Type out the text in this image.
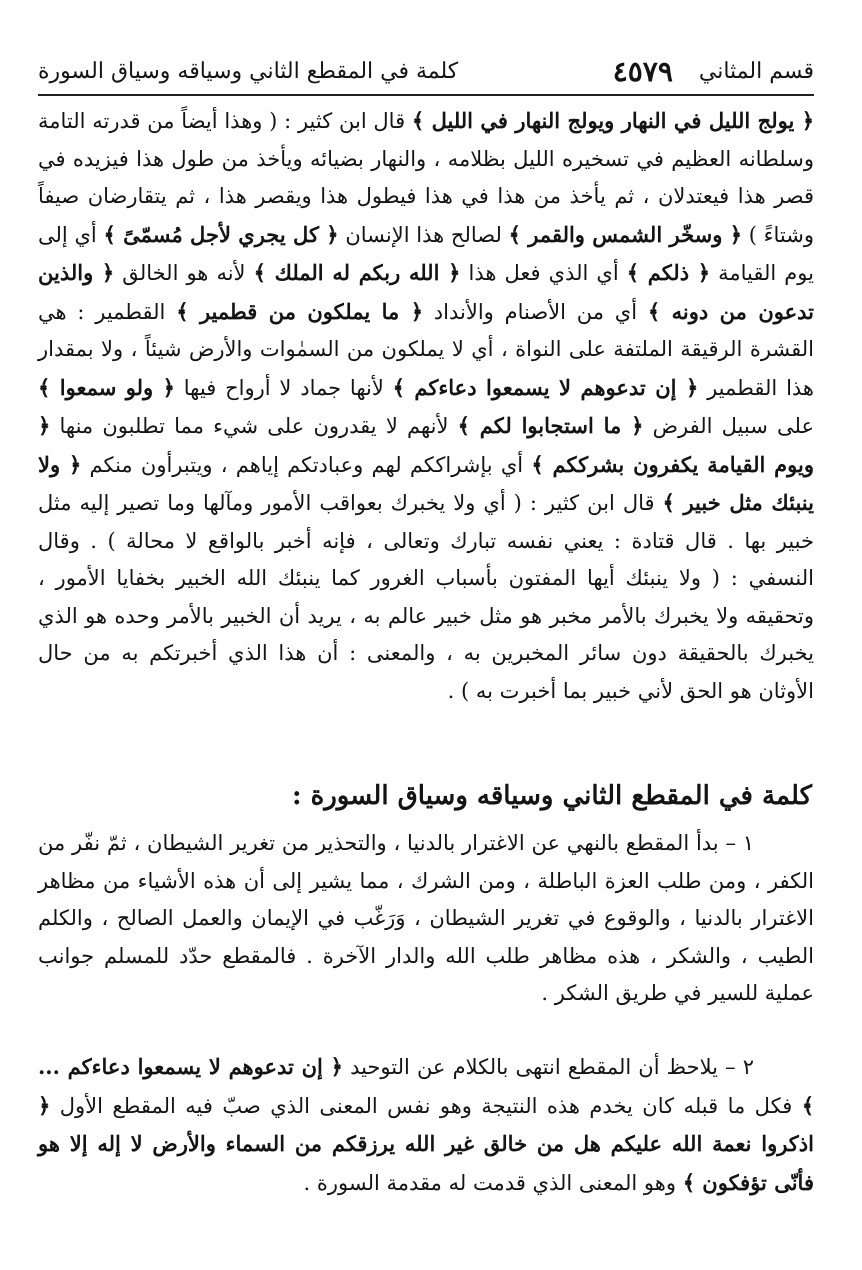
كلمة في المقطع الثاني وسياقه وسياق السورة	٤٥٧٩ قسم المثاني

﴿ يولج الليل في النهار ويولج النهار في الليل ﴾ قال ابن كثير : ( وهذا أيضاً من قدرته التامة وسلطانه العظيم في تسخيره الليل بظلامه ، والنهار بضيائه ويأخذ من طول هذا فيزيده في قصر هذا فيعتدلان ، ثم يأخذ من هذا في هذا فيطول هذا ويقصر هذا ، ثم يتقارضان صيفاً وشتاءً ) ﴿ وسخّر الشمس والقمر ﴾ لصالح هذا الإنسان ﴿ كل يجري لأجل مُسمّىً ﴾ أي إلى يوم القيامة ﴿ ذلكم ﴾ أي الذي فعل هذا ﴿ الله ربكم له الملك ﴾ لأنه هو الخالق ﴿ والذين تدعون من دونه ﴾ أي من الأصنام والأنداد ﴿ ما يملكون من قطمير ﴾ القطمير : هي القشرة الرقيقة الملتفة على النواة ، أي لا يملكون من السمٰوات والأرض شيئاً ، ولا بمقدار هذا القطمير ﴿ إن تدعوهم لا يسمعوا دعاءكم ﴾ لأنها جماد لا أرواح فيها ﴿ ولو سمعوا ﴾ على سبيل الفرض ﴿ ما استجابوا لكم ﴾ لأنهم لا يقدرون على شيء مما تطلبون منها ﴿ ويوم القيامة يكفرون بشرككم ﴾ أي بإشراككم لهم وعبادتكم إياهم ، ويتبرأون منكم ﴿ ولا ينبئك مثل خبير ﴾ قال ابن كثير : ( أي ولا يخبرك بعواقب الأمور ومآلها وما تصير إليه مثل خبير بها . قال قتادة : يعني نفسه تبارك وتعالى ، فإنه أخبر بالواقع لا محالة ) . وقال النسفي : ( ولا ينبئك أيها المفتون بأسباب الغرور كما ينبئك الله الخبير بخفايا الأمور ، وتحقيقه ولا يخبرك بالأمر مخبر هو مثل خبير عالم به ، يريد أن الخبير بالأمر وحده هو الذي يخبرك بالحقيقة دون سائر المخبرين به ، والمعنى : أن هذا الذي أخبرتكم به من حال الأوثان هو الحق لأني خبير بما أخبرت به ) .

كلمة في المقطع الثاني وسياقه وسياق السورة :

١ – بدأ المقطع بالنهي عن الاغترار بالدنيا ، والتحذير من تغرير الشيطان ، ثمّ نفّر من الكفر ، ومن طلب العزة الباطلة ، ومن الشرك ، مما يشير إلى أن هذه الأشياء من مظاهر الاغترار بالدنيا ، والوقوع في تغرير الشيطان ، وَرَغّب في الإيمان والعمل الصالح ، والكلم الطيب ، والشكر ، هذه مظاهر طلب الله والدار الآخرة . فالمقطع حدّد للمسلم جوانب عملية للسير في طريق الشكر .

٢ – يلاحظ أن المقطع انتهى بالكلام عن التوحيد ﴿ إن تدعوهم لا يسمعوا دعاءكم ... ﴾ فكل ما قبله كان يخدم هذه النتيجة وهو نفس المعنى الذي صبّ فيه المقطع الأول ﴿ اذكروا نعمة الله عليكم هل من خالق غير الله يرزقكم من السماء والأرض لا إله إلا هو فأنّى تؤفكون ﴾ وهو المعنى الذي قدمت له مقدمة السورة .
